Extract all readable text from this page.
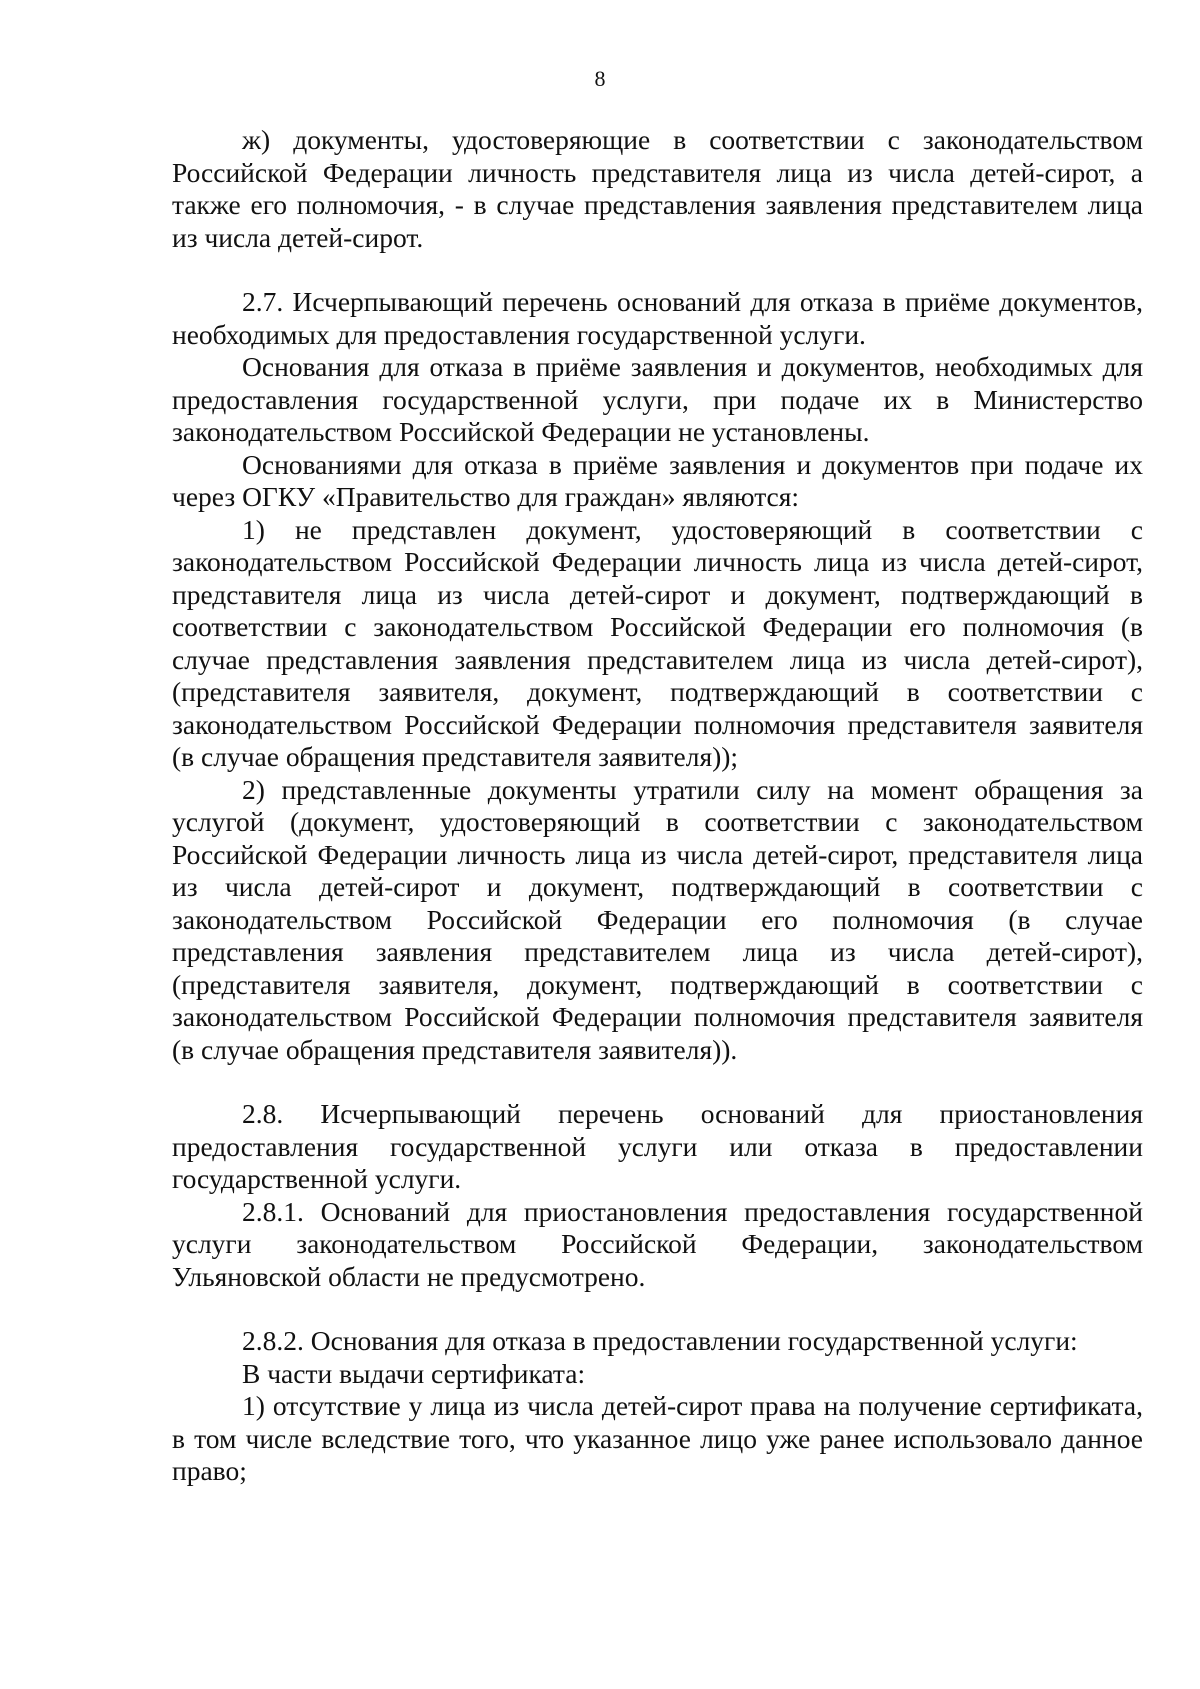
8

ж) документы, удостоверяющие в соответствии с законодательством Российской Федерации личность представителя лица из числа детей-сирот, а также его полномочия, - в случае представления заявления представителем лица из числа детей-сирот.

2.7. Исчерпывающий перечень оснований для отказа в приёме документов, необходимых для предоставления государственной услуги.

Основания для отказа в приёме заявления и документов, необходимых для предоставления государственной услуги, при подаче их в Министерство законодательством Российской Федерации не установлены.

Основаниями для отказа в приёме заявления и документов при подаче их через ОГКУ «Правительство для граждан» являются:

1) не представлен документ, удостоверяющий в соответствии с законодательством Российской Федерации личность лица из числа детей-сирот, представителя лица из числа детей-сирот и документ, подтверждающий в соответствии с законодательством Российской Федерации его полномочия (в случае представления заявления представителем лица из числа детей-сирот), (представителя заявителя, документ, подтверждающий в соответствии с законодательством Российской Федерации полномочия представителя заявителя (в случае обращения представителя заявителя));

2) представленные документы утратили силу на момент обращения за услугой (документ, удостоверяющий в соответствии с законодательством Российской Федерации личность лица из числа детей-сирот, представителя лица из числа детей-сирот и документ, подтверждающий в соответствии с законодательством Российской Федерации его полномочия (в случае представления заявления представителем лица из числа детей-сирот), (представителя заявителя, документ, подтверждающий в соответствии с законодательством Российской Федерации полномочия представителя заявителя (в случае обращения представителя заявителя)).

2.8. Исчерпывающий перечень оснований для приостановления предоставления государственной услуги или отказа в предоставлении государственной услуги.

2.8.1. Оснований для приостановления предоставления государственной услуги законодательством Российской Федерации, законодательством Ульяновской области не предусмотрено.

2.8.2. Основания для отказа в предоставлении государственной услуги:

В части выдачи сертификата:

1) отсутствие у лица из числа детей-сирот права на получение сертификата, в том числе вследствие того, что указанное лицо уже ранее использовало данное право;
